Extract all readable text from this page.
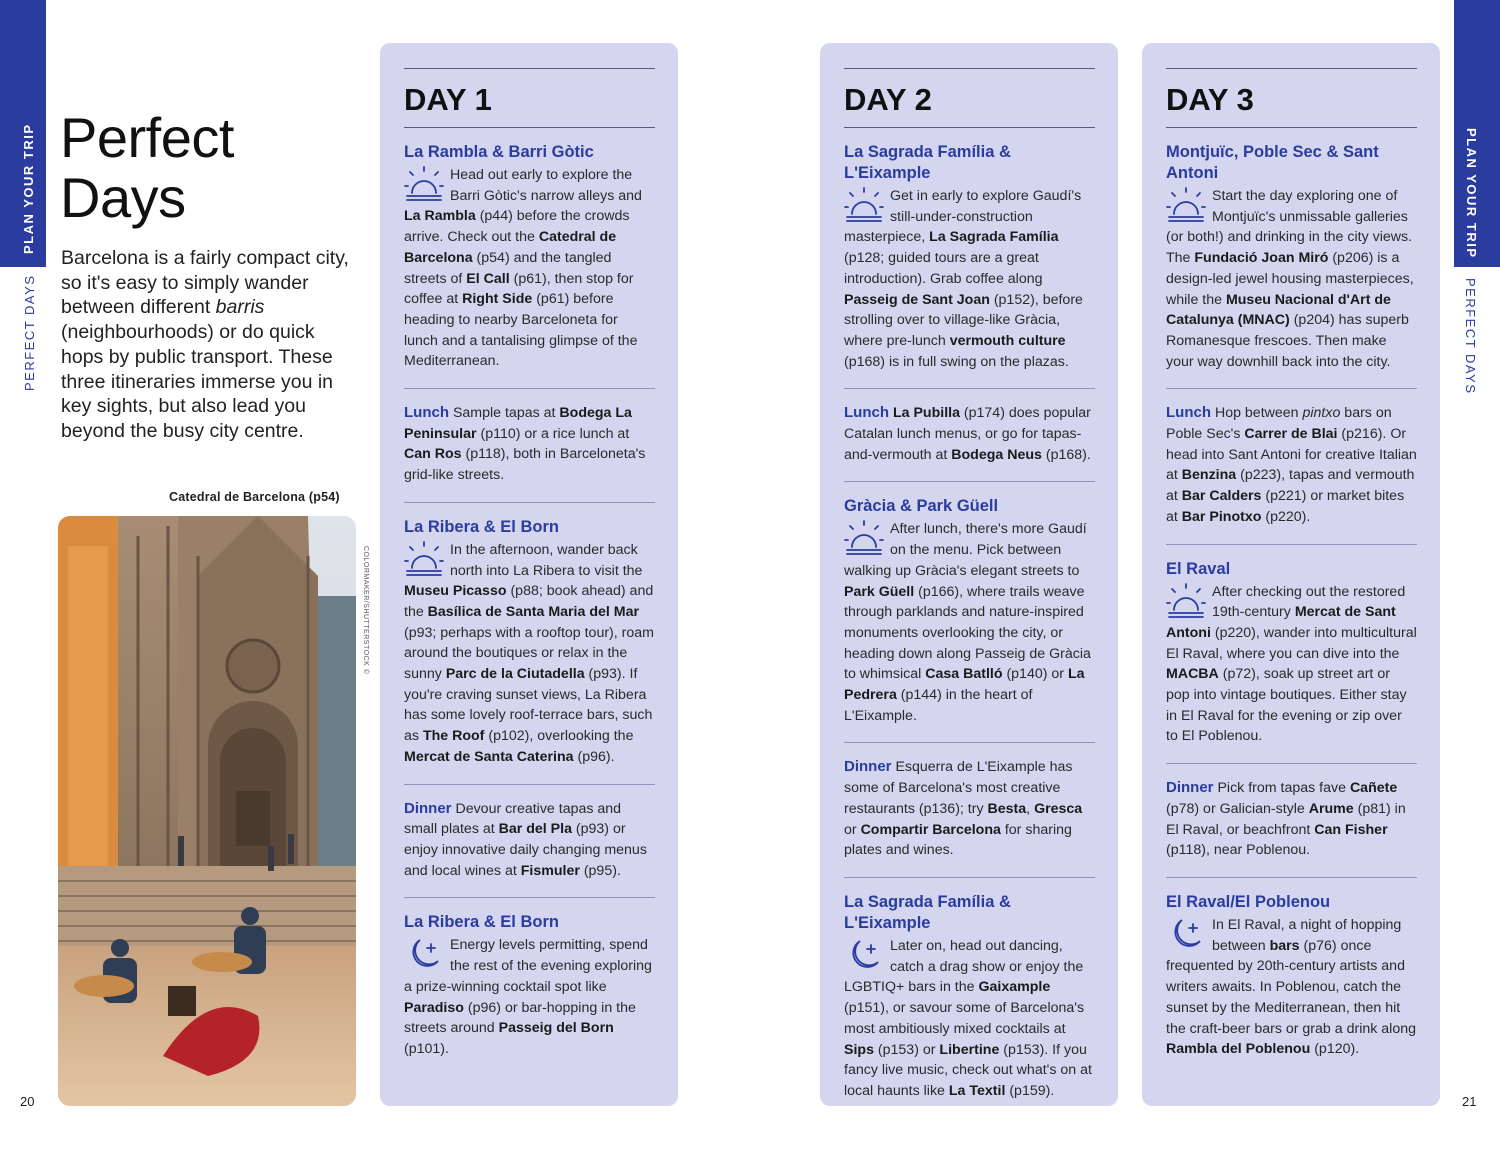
PLAN YOUR TRIP
PERFECT DAYS
20
Perfect
Days
Barcelona is a fairly compact city, so it's easy to simply wander between different barris (neighbourhoods) or do quick hops by public transport. These three itineraries immerse you in key sights, but also lead you beyond the busy city centre.
Catedral de Barcelona (p54)
COLORMAKER/SHUTTERSTOCK ©
DAY 1
La Rambla & Barri Gòtic
Head out early to explore the Barri Gòtic's narrow alleys and La Rambla (p44) before the crowds arrive. Check out the Catedral de Barcelona (p54) and the tangled streets of El Call (p61), then stop for coffee at Right Side (p61) before heading to nearby Barceloneta for lunch and a tantalising glimpse of the Mediterranean.
Lunch Sample tapas at Bodega La Peninsular (p110) or a rice lunch at Can Ros (p118), both in Barceloneta's grid-like streets.
La Ribera & El Born
In the afternoon, wander back north into La Ribera to visit the Museu Picasso (p88; book ahead) and the Basílica de Santa Maria del Mar (p93; perhaps with a rooftop tour), roam around the boutiques or relax in the sunny Parc de la Ciutadella (p93). If you're craving sunset views, La Ribera has some lovely roof-terrace bars, such as The Roof (p102), overlooking the Mercat de Santa Caterina (p96).
Dinner Devour creative tapas and small plates at Bar del Pla (p93) or enjoy innovative daily changing menus and local wines at Fismuler (p95).
La Ribera & El Born
Energy levels permitting, spend the rest of the evening exploring a prize-winning cocktail spot like Paradiso (p96) or bar-hopping in the streets around Passeig del Born (p101).
DAY 2
La Sagrada Família & L'Eixample
Get in early to explore Gaudí's still-under-construction masterpiece, La Sagrada Família (p128; guided tours are a great introduction). Grab coffee along Passeig de Sant Joan (p152), before strolling over to village-like Gràcia, where pre-lunch vermouth culture (p168) is in full swing on the plazas.
Lunch La Pubilla (p174) does popular Catalan lunch menus, or go for tapas-and-vermouth at Bodega Neus (p168).
Gràcia & Park Güell
After lunch, there's more Gaudí on the menu. Pick between walking up Gràcia's elegant streets to Park Güell (p166), where trails weave through parklands and nature-inspired monuments overlooking the city, or heading down along Passeig de Gràcia to whimsical Casa Batlló (p140) or La Pedrera (p144) in the heart of L'Eixample.
Dinner Esquerra de L'Eixample has some of Barcelona's most creative restaurants (p136); try Besta, Gresca or Compartir Barcelona for sharing plates and wines.
La Sagrada Família & L'Eixample
Later on, head out dancing, catch a drag show or enjoy the LGBTIQ+ bars in the Gaixample (p151), or savour some of Barcelona's most ambitiously mixed cocktails at Sips (p153) or Libertine (p153). If you fancy live music, check out what's on at local haunts like La Textil (p159).
DAY 3
Montjuïc, Poble Sec & Sant Antoni
Start the day exploring one of Montjuïc's unmissable galleries (or both!) and drinking in the city views. The Fundació Joan Miró (p206) is a design-led jewel housing masterpieces, while the Museu Nacional d'Art de Catalunya (MNAC) (p204) has superb Romanesque frescoes. Then make your way downhill back into the city.
Lunch Hop between pintxo bars on Poble Sec's Carrer de Blai (p216). Or head into Sant Antoni for creative Italian at Benzina (p223), tapas and vermouth at Bar Calders (p221) or market bites at Bar Pinotxo (p220).
El Raval
After checking out the restored 19th-century Mercat de Sant Antoni (p220), wander into multicultural El Raval, where you can dive into the MACBA (p72), soak up street art or pop into vintage boutiques. Either stay in El Raval for the evening or zip over to El Poblenou.
Dinner Pick from tapas fave Cañete (p78) or Galician-style Arume (p81) in El Raval, or beachfront Can Fisher (p118), near Poblenou.
El Raval/El Poblenou
In El Raval, a night of hopping between bars (p76) once frequented by 20th-century artists and writers awaits. In Poblenou, catch the sunset by the Mediterranean, then hit the craft-beer bars or grab a drink along Rambla del Poblenou (p120).
PLAN YOUR TRIP
PERFECT DAYS
21
